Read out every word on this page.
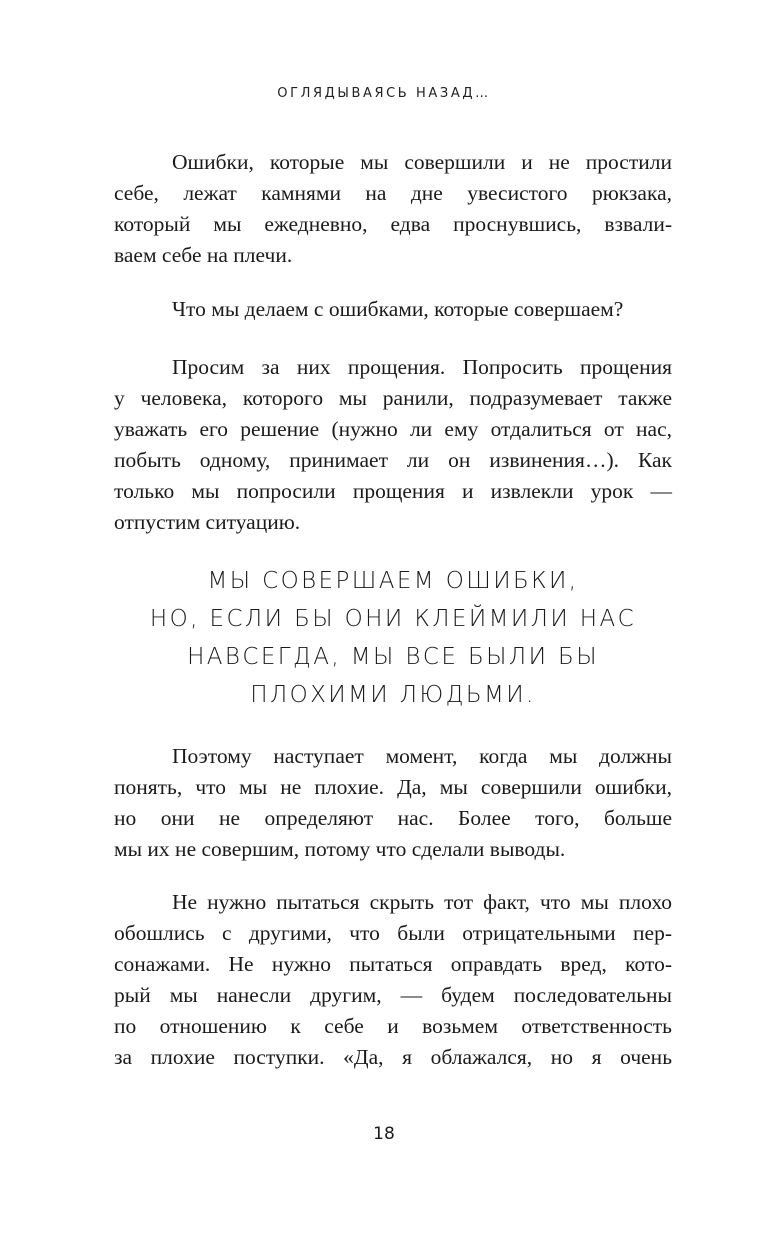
ОГЛЯДЫВАЯСЬ НАЗАД…

Ошибки, которые мы совершили и не простили
себе, лежат камнями на дне увесистого рюкзака,
который мы ежедневно, едва проснувшись, взвали-
ваем себе на плечи.

Что мы делаем с ошибками, которые совершаем?

Просим за них прощения. Попросить прощения
у человека, которого мы ранили, подразумевает также
уважать его решение (нужно ли ему отдалиться от нас,
побыть одному, принимает ли он извинения…). Как
только мы попросили прощения и извлекли урок —
отпустим ситуацию.

МЫ СОВЕРШАЕМ ОШИБКИ,
НО, ЕСЛИ БЫ ОНИ КЛЕЙМИЛИ НАС
НАВСЕГДА, МЫ ВСЕ БЫЛИ БЫ
ПЛОХИМИ ЛЮДЬМИ.

Поэтому наступает момент, когда мы должны
понять, что мы не плохие. Да, мы совершили ошибки,
но они не определяют нас. Более того, больше
мы их не совершим, потому что сделали выводы.

Не нужно пытаться скрыть тот факт, что мы плохо
обошлись с другими, что были отрицательными пер-
сонажами. Не нужно пытаться оправдать вред, кото-
рый мы нанесли другим, — будем последовательны
по отношению к себе и возьмем ответственность
за плохие поступки. «Да, я облажался, но я очень

18
